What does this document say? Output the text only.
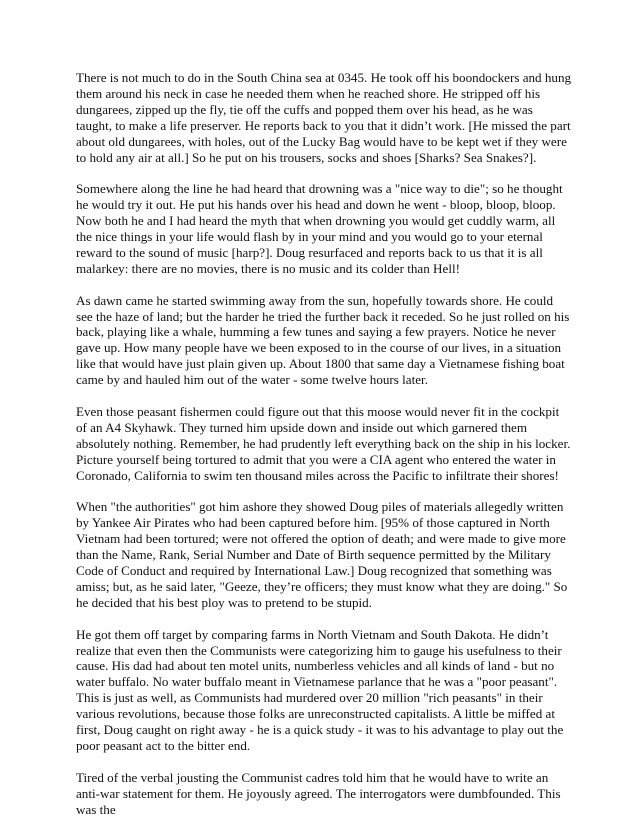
There is not much to do in the South China sea at 0345. He took off his boondockers and hung them around his neck in case he needed them when he reached shore. He stripped off his dungarees, zipped up the fly, tie off the cuffs and popped them over his head, as he was taught, to make a life preserver. He reports back to you that it didn’t work. [He missed the part about old dungarees, with holes, out of the Lucky Bag would have to be kept wet if they were to hold any air at all.] So he put on his trousers, socks and shoes [Sharks? Sea Snakes?].

Somewhere along the line he had heard that drowning was a "nice way to die"; so he thought he would try it out. He put his hands over his head and down he went - bloop, bloop, bloop. Now both he and I had heard the myth that when drowning you would get cuddly warm, all the nice things in your life would flash by in your mind and you would go to your eternal reward to the sound of music [harp?]. Doug resurfaced and reports back to us that it is all malarkey: there are no movies, there is no music and its colder than Hell!

As dawn came he started swimming away from the sun, hopefully towards shore. He could see the haze of land; but the harder he tried the further back it receded. So he just rolled on his back, playing like a whale, humming a few tunes and saying a few prayers. Notice he never gave up. How many people have we been exposed to in the course of our lives, in a situation like that would have just plain given up. About 1800 that same day a Vietnamese fishing boat came by and hauled him out of the water - some twelve hours later.

Even those peasant fishermen could figure out that this moose would never fit in the cockpit of an A4 Skyhawk. They turned him upside down and inside out which garnered them absolutely nothing. Remember, he had prudently left everything back on the ship in his locker. Picture yourself being tortured to admit that you were a CIA agent who entered the water in Coronado, California to swim ten thousand miles across the Pacific to infiltrate their shores!

When "the authorities" got him ashore they showed Doug piles of materials allegedly written by Yankee Air Pirates who had been captured before him. [95% of those captured in North Vietnam had been tortured; were not offered the option of death; and were made to give more than the Name, Rank, Serial Number and Date of Birth sequence permitted by the Military Code of Conduct and required by International Law.] Doug recognized that something was amiss; but, as he said later, "Geeze, they’re officers; they must know what they are doing." So he decided that his best ploy was to pretend to be stupid.

He got them off target by comparing farms in North Vietnam and South Dakota. He didn’t realize that even then the Communists were categorizing him to gauge his usefulness to their cause. His dad had about ten motel units, numberless vehicles and all kinds of land - but no water buffalo. No water buffalo meant in Vietnamese parlance that he was a "poor peasant". This is just as well, as Communists had murdered over 20 million "rich peasants" in their various revolutions, because those folks are unreconstructed capitalists. A little be miffed at first, Doug caught on right away - he is a quick study - it was to his advantage to play out the poor peasant act to the bitter end.

Tired of the verbal jousting the Communist cadres told him that he would have to write an anti-war statement for them. He joyously agreed. The interrogators were dumbfounded. This was the
